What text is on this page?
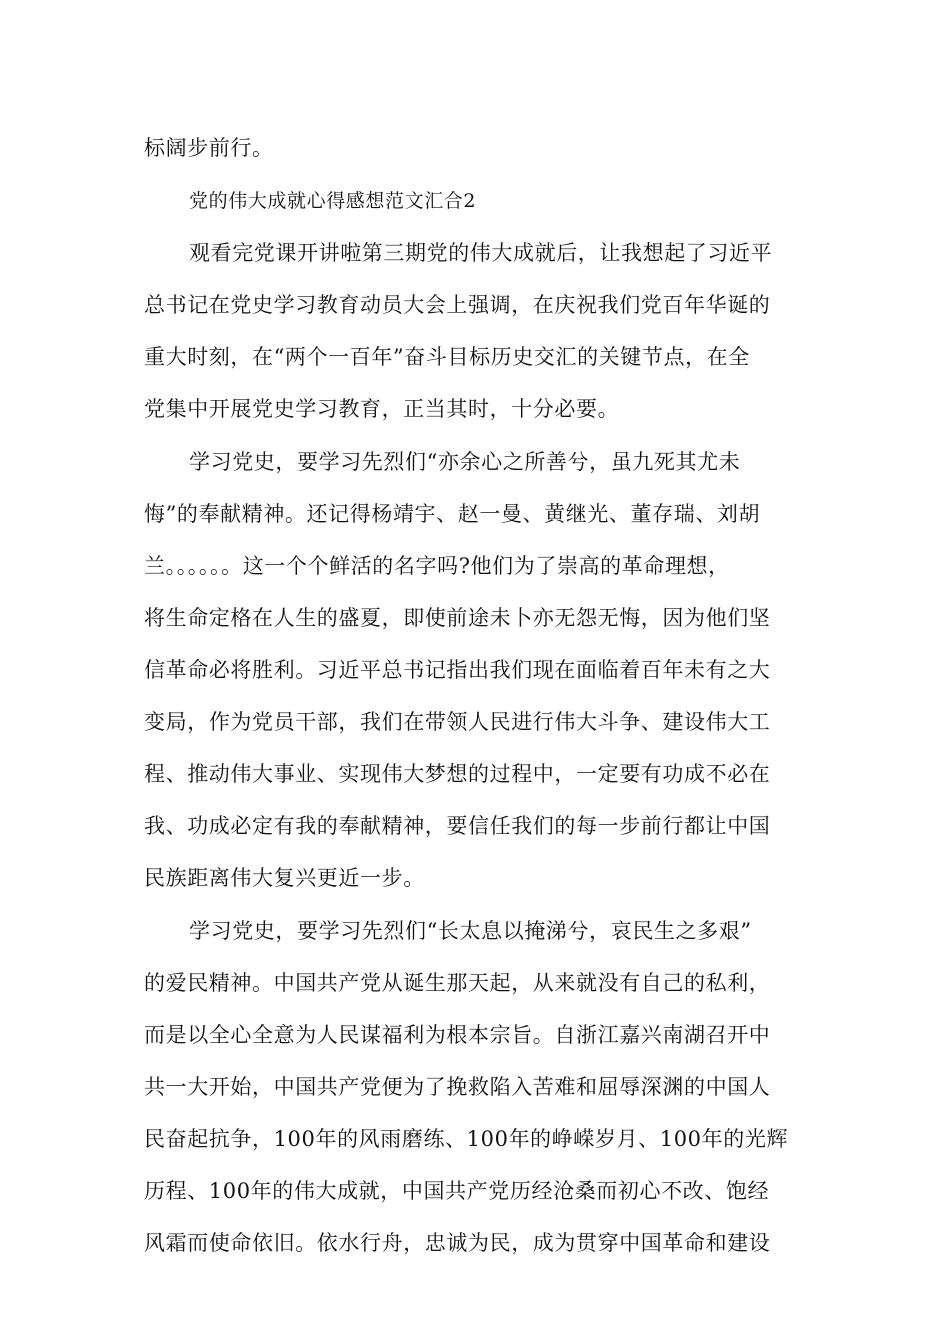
标阔步前行。
党的伟大成就心得感想范文汇合2
观看完党课开讲啦第三期党的伟大成就后，让我想起了习近平
总书记在党史学习教育动员大会上强调，在庆祝我们党百年华诞的
重大时刻，在“两个一百年”奋斗目标历史交汇的关键节点，在全
党集中开展党史学习教育，正当其时，十分必要。
学习党史，要学习先烈们“亦余心之所善兮，虽九死其尤未
悔”的奉献精神。还记得杨靖宇、赵一曼、黄继光、董存瑞、刘胡
兰。。。。。。这一个个鲜活的名字吗?他们为了崇高的革命理想，
将生命定格在人生的盛夏，即使前途未卜亦无怨无悔，因为他们坚
信革命必将胜利。习近平总书记指出我们现在面临着百年未有之大
变局，作为党员干部，我们在带领人民进行伟大斗争、建设伟大工
程、推动伟大事业、实现伟大梦想的过程中，一定要有功成不必在
我、功成必定有我的奉献精神，要信任我们的每一步前行都让中国
民族距离伟大复兴更近一步。
学习党史，要学习先烈们“长太息以掩涕兮，哀民生之多艰”
的爱民精神。中国共产党从诞生那天起，从来就没有自己的私利，
而是以全心全意为人民谋福利为根本宗旨。自浙江嘉兴南湖召开中
共一大开始，中国共产党便为了挽救陷入苦难和屈辱深渊的中国人
民奋起抗争，100年的风雨磨练、100年的峥嵘岁月、100年的光辉
历程、100年的伟大成就，中国共产党历经沧桑而初心不改、饱经
风霜而使命依旧。依水行舟，忠诚为民，成为贯穿中国革命和建设
